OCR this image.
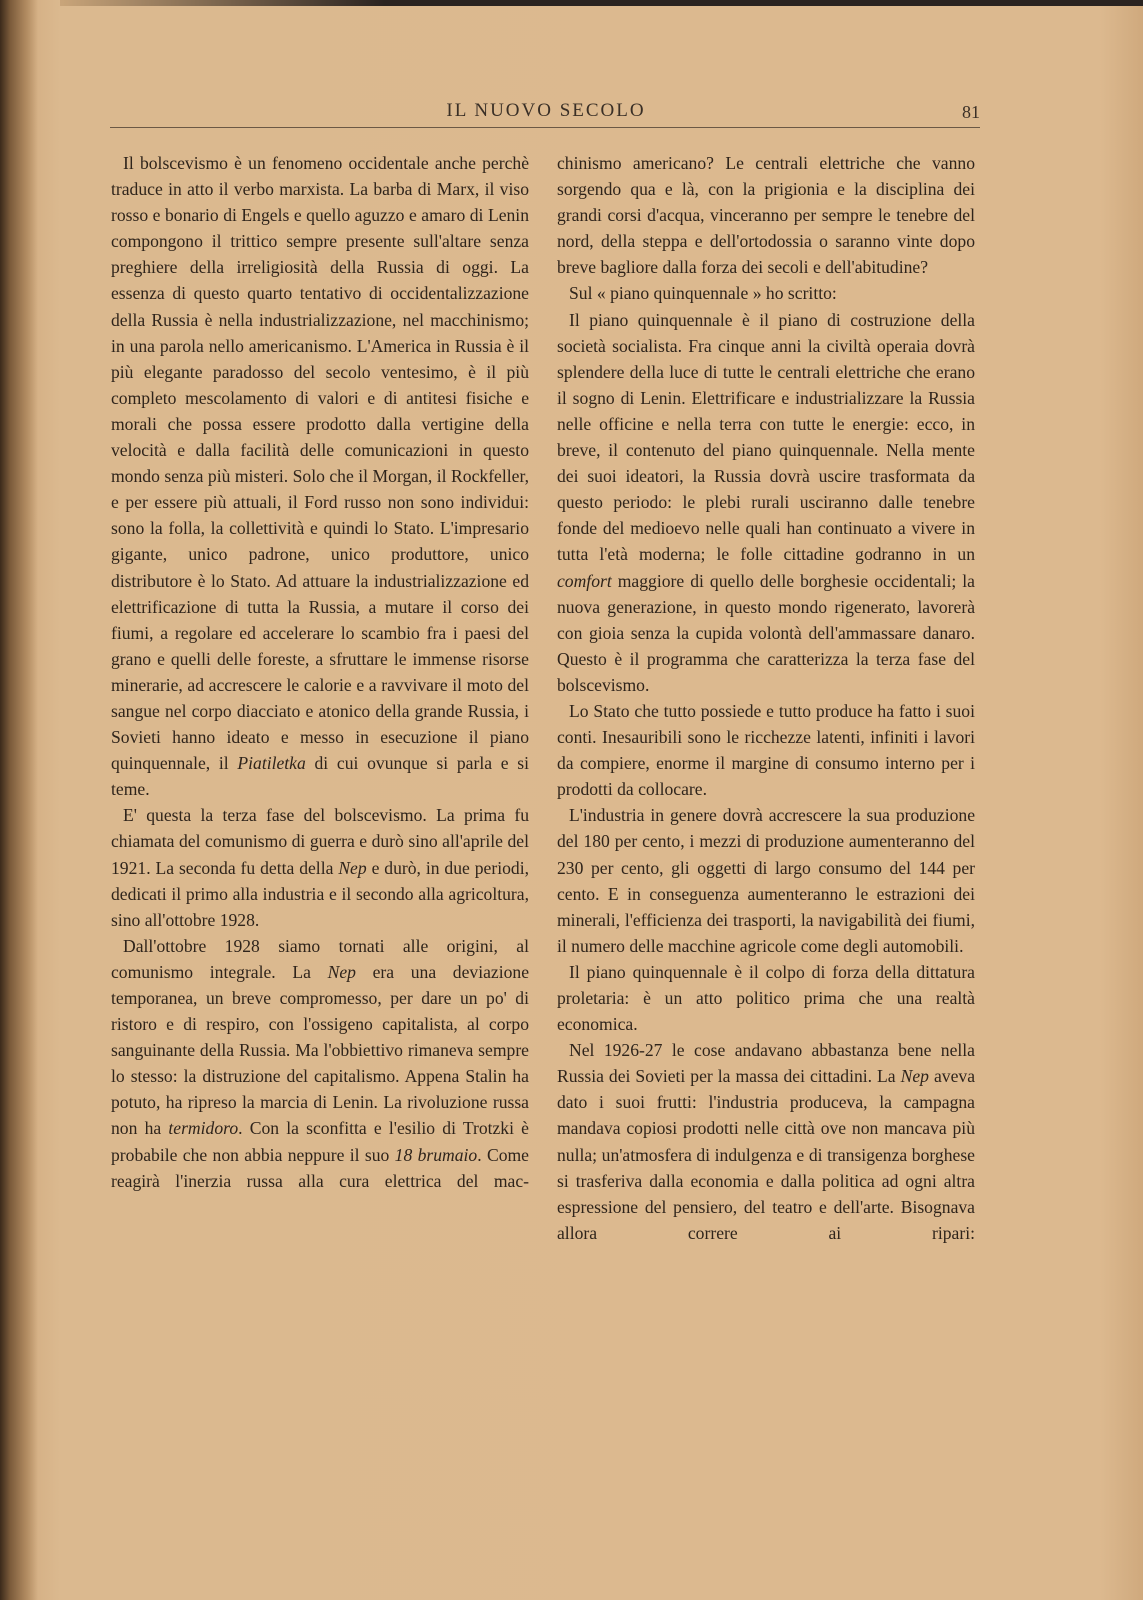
IL NUOVO SECOLO	81

Il bolscevismo è un fenomeno occidentale anche perchè traduce in atto il verbo marxista. La barba di Marx, il viso rosso e bonario di Engels e quello aguzzo e amaro di Lenin compongono il trittico sempre presente sull'altare senza preghiere della irreligiosità della Russia di oggi. La essenza di questo quarto tentativo di occidentalizzazione della Russia è nella industrializzazione, nel macchinismo; in una parola nello americanismo. L'America in Russia è il più elegante paradosso del secolo ventesimo, è il più completo mescolamento di valori e di antitesi fisiche e morali che possa essere prodotto dalla vertigine della velocità e dalla facilità delle comunicazioni in questo mondo senza più misteri. Solo che il Morgan, il Rockfeller, e per essere più attuali, il Ford russo non sono individui: sono la folla, la collettività e quindi lo Stato. L'impresario gigante, unico padrone, unico produttore, unico distributore è lo Stato. Ad attuare la industrializzazione ed elettrificazione di tutta la Russia, a mutare il corso dei fiumi, a regolare ed accelerare lo scambio fra i paesi del grano e quelli delle foreste, a sfruttare le immense risorse minerarie, ad accrescere le calorie e a ravvivare il moto del sangue nel corpo diacciato e atonico della grande Russia, i Sovieti hanno ideato e messo in esecuzione il piano quinquennale, il Piatiletka di cui ovunque si parla e si teme.

E' questa la terza fase del bolscevismo. La prima fu chiamata del comunismo di guerra e durò sino all'aprile del 1921. La seconda fu detta della Nep e durò, in due periodi, dedicati il primo alla industria e il secondo alla agricoltura, sino all'ottobre 1928.

Dall'ottobre 1928 siamo tornati alle origini, al comunismo integrale. La Nep era una deviazione temporanea, un breve compromesso, per dare un po' di ristoro e di respiro, con l'ossigeno capitalista, al corpo sanguinante della Russia. Ma l'obbiettivo rimaneva sempre lo stesso: la distruzione del capitalismo. Appena Stalin ha potuto, ha ripreso la marcia di Lenin. La rivoluzione russa non ha termidoro. Con la sconfitta e l'esilio di Trotzki è probabile che non abbia neppure il suo 18 brumaio. Come reagirà l'inerzia russa alla cura elettrica del mac-

chinismo americano? Le centrali elettriche che vanno sorgendo qua e là, con la prigionia e la disciplina dei grandi corsi d'acqua, vinceranno per sempre le tenebre del nord, della steppa e dell'ortodossia o saranno vinte dopo breve bagliore dalla forza dei secoli e dell'abitudine?

Sul « piano quinquennale » ho scritto:

Il piano quinquennale è il piano di costruzione della società socialista. Fra cinque anni la civiltà operaia dovrà splendere della luce di tutte le centrali elettriche che erano il sogno di Lenin. Elettrificare e industrializzare la Russia nelle officine e nella terra con tutte le energie: ecco, in breve, il contenuto del piano quinquennale. Nella mente dei suoi ideatori, la Russia dovrà uscire trasformata da questo periodo: le plebi rurali usciranno dalle tenebre fonde del medioevo nelle quali han continuato a vivere in tutta l'età moderna; le folle cittadine godranno in un comfort maggiore di quello delle borghesie occidentali; la nuova generazione, in questo mondo rigenerato, lavorerà con gioia senza la cupida volontà dell'ammassare danaro. Questo è il programma che caratterizza la terza fase del bolscevismo.

Lo Stato che tutto possiede e tutto produce ha fatto i suoi conti. Inesauribili sono le ricchezze latenti, infiniti i lavori da compiere, enorme il margine di consumo interno per i prodotti da collocare.

L'industria in genere dovrà accrescere la sua produzione del 180 per cento, i mezzi di produzione aumenteranno del 230 per cento, gli oggetti di largo consumo del 144 per cento. E in conseguenza aumenteranno le estrazioni dei minerali, l'efficienza dei trasporti, la navigabilità dei fiumi, il numero delle macchine agricole come degli automobili.

Il piano quinquennale è il colpo di forza della dittatura proletaria: è un atto politico prima che una realtà economica.

Nel 1926-27 le cose andavano abbastanza bene nella Russia dei Sovieti per la massa dei cittadini. La Nep aveva dato i suoi frutti: l'industria produceva, la campagna mandava copiosi prodotti nelle città ove non mancava più nulla; un'atmosfera di indulgenza e di transigenza borghese si trasferiva dalla economia e dalla politica ad ogni altra espressione del pensiero, del teatro e dell'arte. Bisognava allora correre ai ripari:
